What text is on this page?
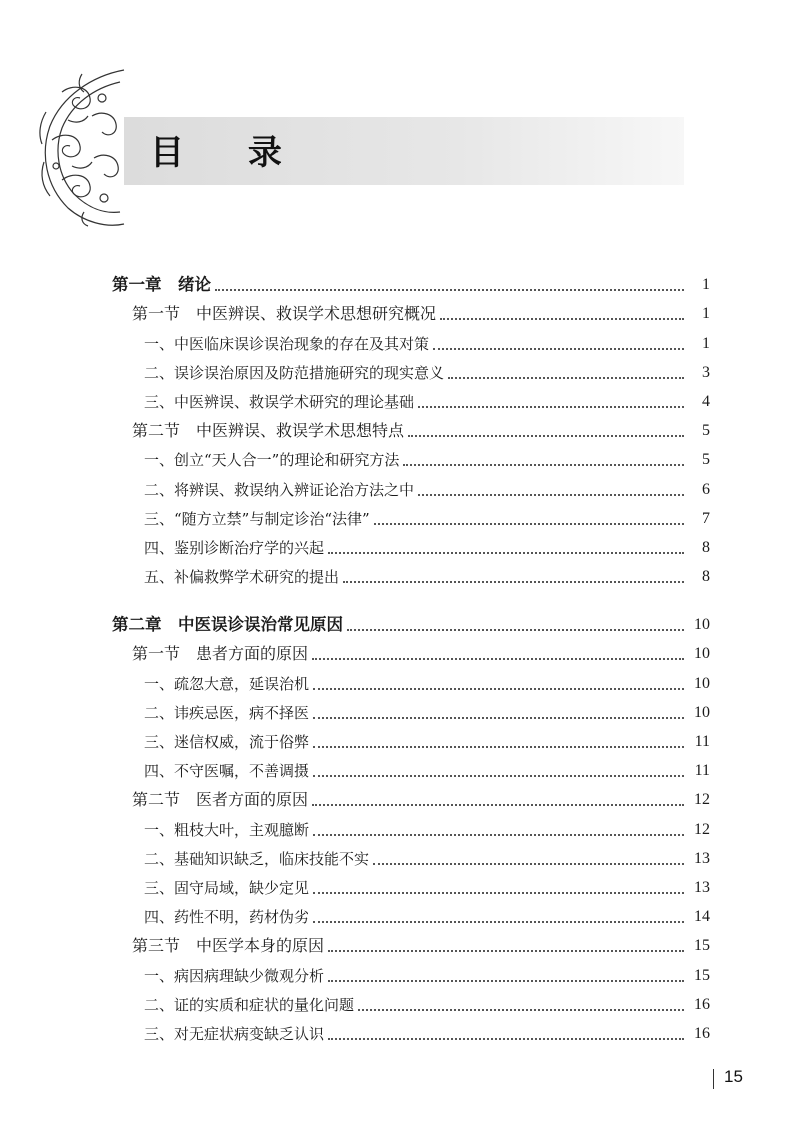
目 录
第一章　绪论	1
第一节　中医辨误、救误学术思想研究概况	1
一、中医临床误诊误治现象的存在及其对策	1
二、误诊误治原因及防范措施研究的现实意义	3
三、中医辨误、救误学术研究的理论基础	4
第二节　中医辨误、救误学术思想特点	5
一、创立“天人合一”的理论和研究方法	5
二、将辨误、救误纳入辨证论治方法之中	6
三、“随方立禁”与制定诊治“法律”	7
四、鉴别诊断治疗学的兴起	8
五、补偏救弊学术研究的提出	8
第二章　中医误诊误治常见原因	10
第一节　患者方面的原因	10
一、疏忽大意，延误治机	10
二、讳疾忌医，病不择医	10
三、迷信权威，流于俗弊	11
四、不守医嘱，不善调摄	11
第二节　医者方面的原因	12
一、粗枝大叶，主观臆断	12
二、基础知识缺乏，临床技能不实	13
三、固守局域，缺少定见	13
四、药性不明，药材伪劣	14
第三节　中医学本身的原因	15
一、病因病理缺少微观分析	15
二、证的实质和症状的量化问题	16
三、对无症状病变缺乏认识	16
15
